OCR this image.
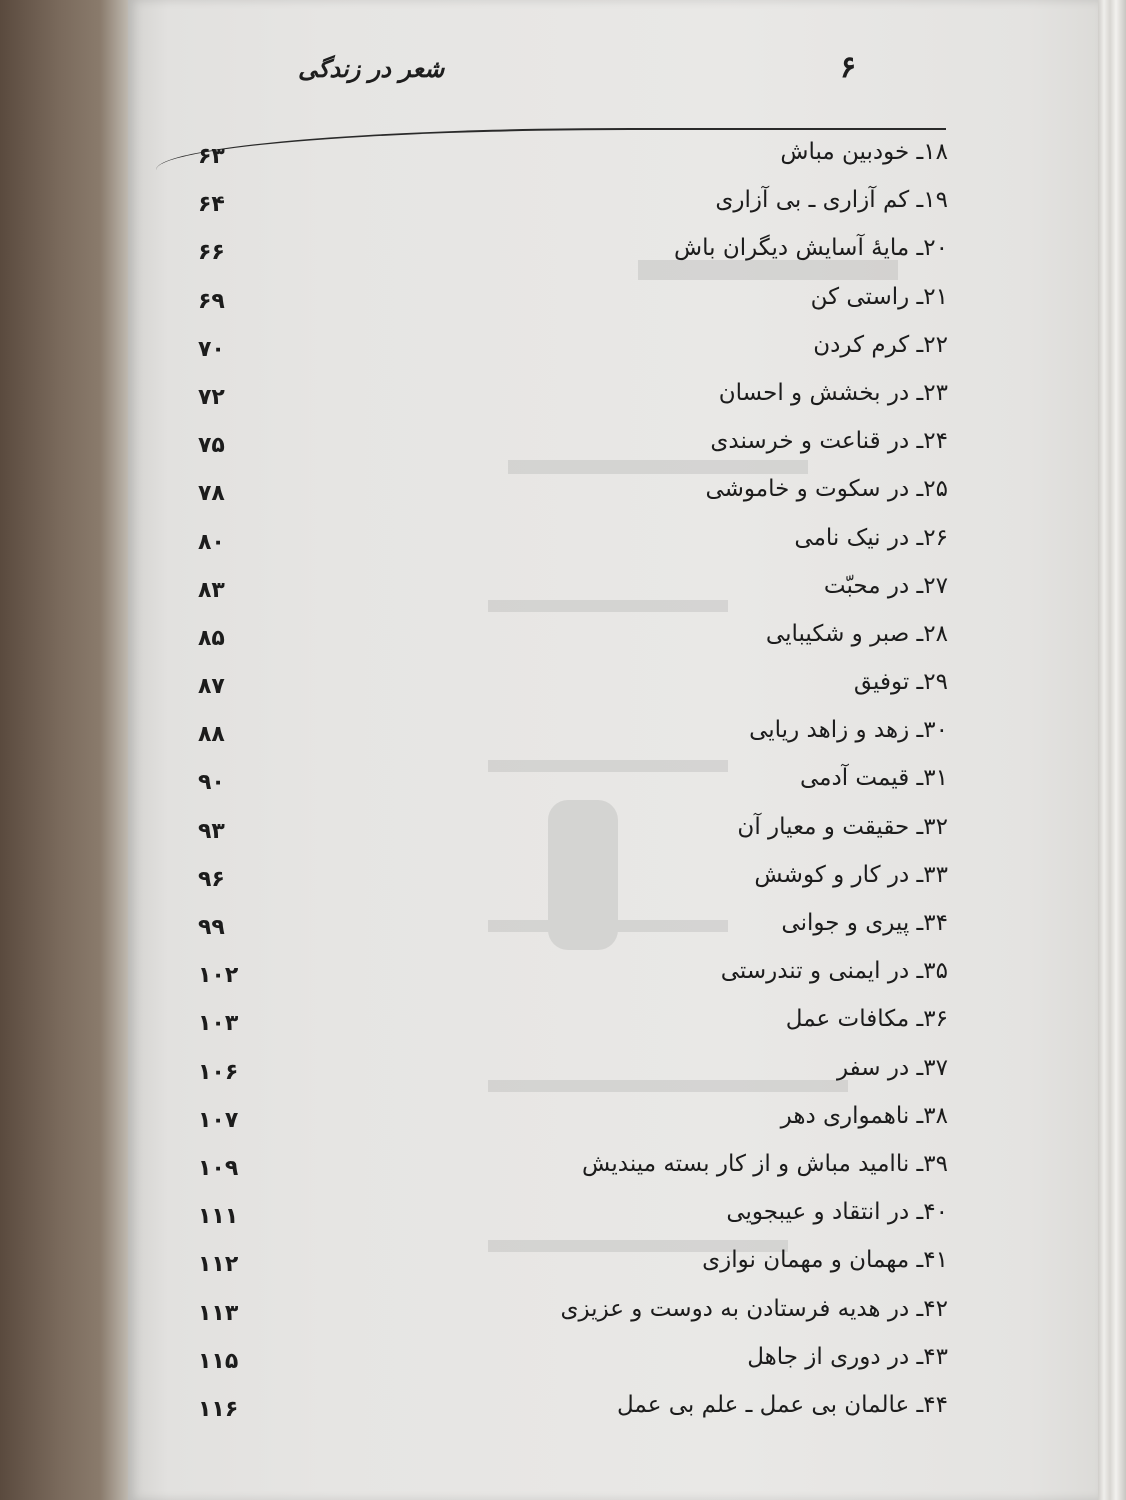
شعر در زندگی	۶
۱۸ـ خودبین مباش
۶۳
۱۹ـ کم آزاری ـ بی آزاری
۶۴
۲۰ـ مایهٔ آسایش دیگران باش
۶۶
۲۱ـ راستی کن
۶۹
۲۲ـ کرم کردن
۷۰
۲۳ـ در بخشش و احسان
۷۲
۲۴ـ در قناعت و خرسندی
۷۵
۲۵ـ در سکوت و خاموشی
۷۸
۲۶ـ در نیک نامی
۸۰
۲۷ـ در محبّت
۸۳
۲۸ـ صبر و شکیبایی
۸۵
۲۹ـ توفیق
۸۷
۳۰ـ زهد و زاهد ریایی
۸۸
۳۱ـ قیمت آدمی
۹۰
۳۲ـ حقیقت و معیار آن
۹۳
۳۳ـ در کار و کوشش
۹۶
۳۴ـ پیری و جوانی
۹۹
۳۵ـ در ایمنی و تندرستی
۱۰۲
۳۶ـ مکافات عمل
۱۰۳
۳۷ـ در سفر
۱۰۶
۳۸ـ ناهمواری دهر
۱۰۷
۳۹ـ ناامید مباش و از کار بسته مینديش
۱۰۹
۴۰ـ در انتقاد و عیبجویی
۱۱۱
۴۱ـ مهمان و مهمان نوازی
۱۱۲
۴۲ـ در هدیه فرستادن به دوست و عزیزی
۱۱۳
۴۳ـ در دوری از جاهل
۱۱۵
۴۴ـ عالمان بی عمل ـ علم بی عمل
۱۱۶
